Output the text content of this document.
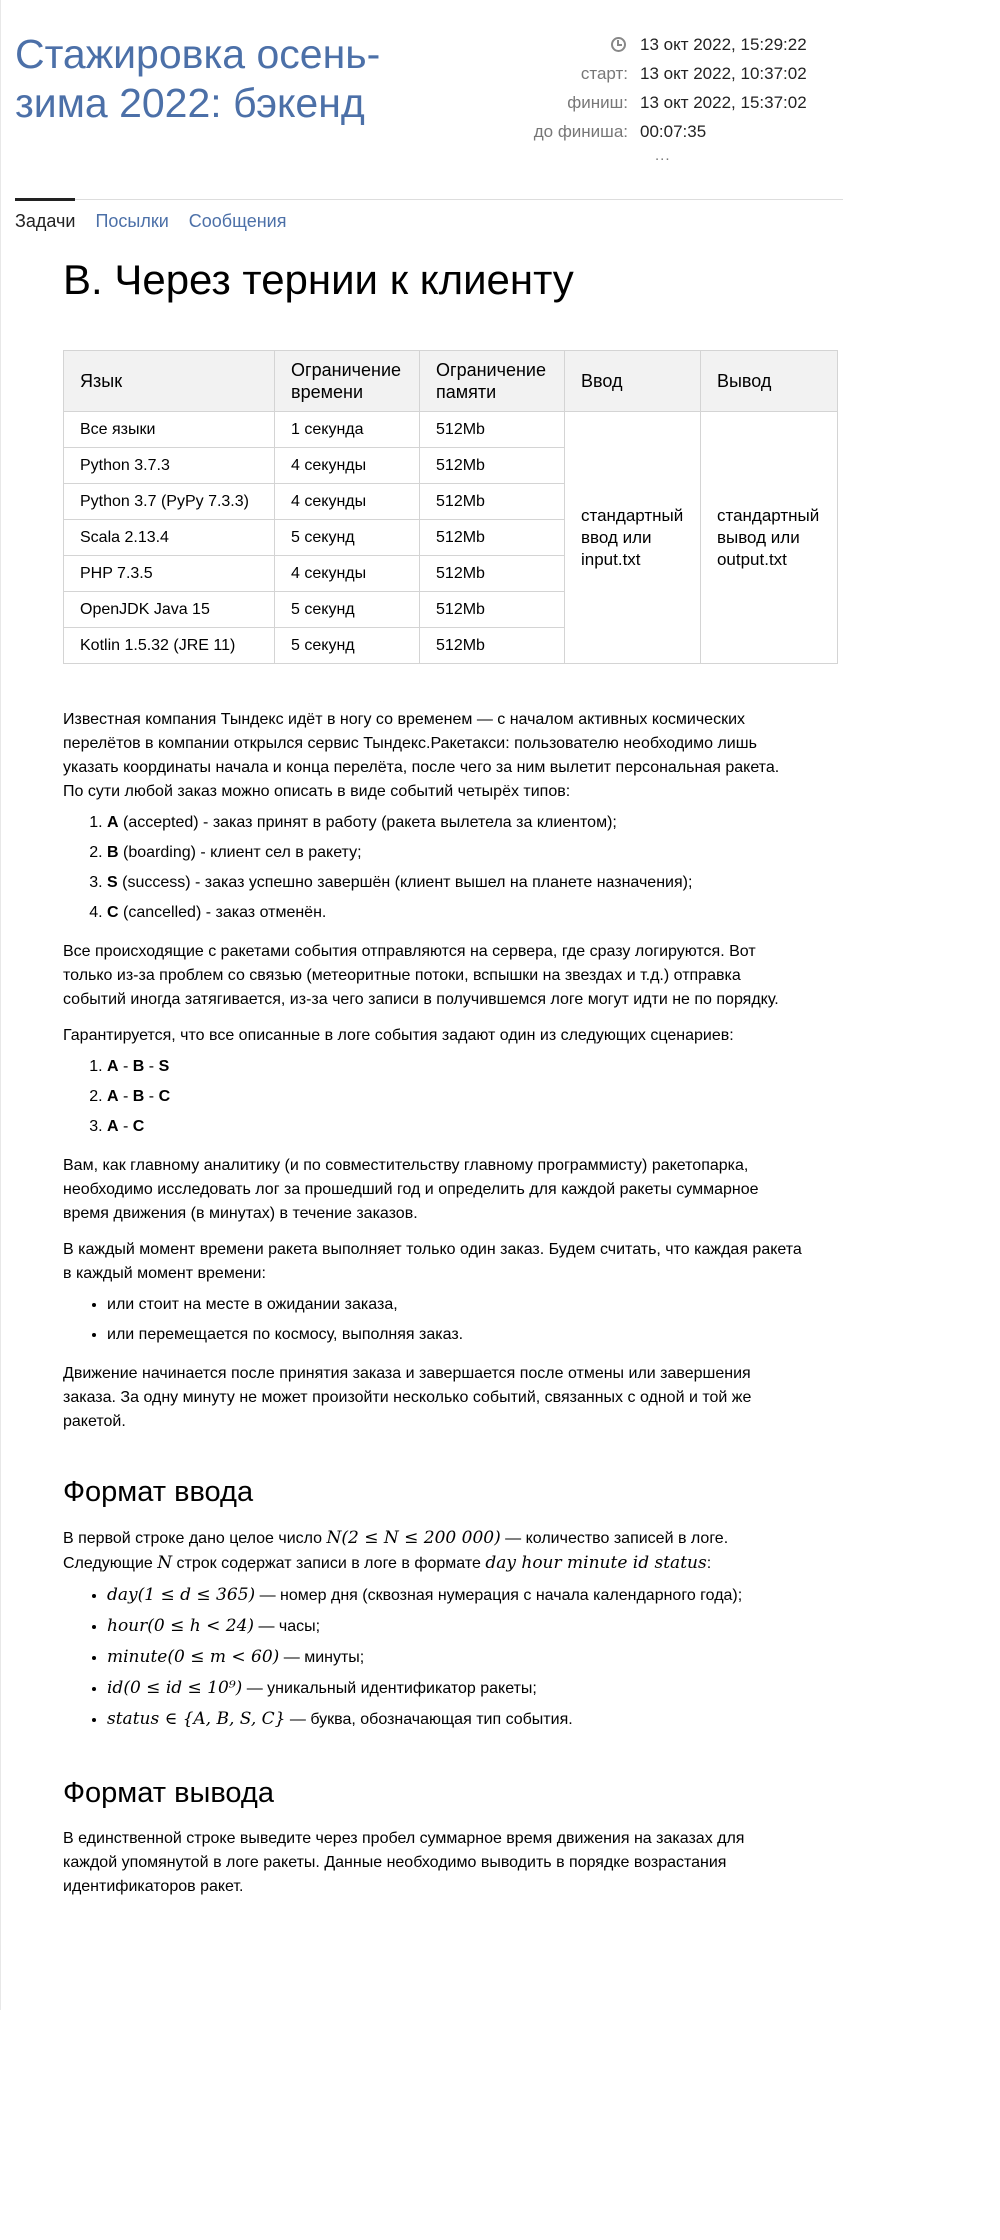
Стажировка осень-зима 2022: бэкенд
13 окт 2022, 15:29:22
старт: 13 окт 2022, 10:37:02
финиш: 13 окт 2022, 15:37:02
до финиша: 00:07:35
...
Задачи Посылки Сообщения
B. Через тернии к клиенту
Язык	Ограничение времени	Ограничение памяти	Ввод	Вывод
Все языки	1 секунда	512Mb	стандартный ввод или input.txt	стандартный вывод или output.txt
Python 3.7.3	4 секунды	512Mb		
Python 3.7 (PyPy 7.3.3)	4 секунды	512Mb		
Scala 2.13.4	5 секунд	512Mb		
PHP 7.3.5	4 секунды	512Mb		
OpenJDK Java 15	5 секунд	512Mb		
Kotlin 1.5.32 (JRE 11)	5 секунд	512Mb		

Известная компания Тындекс идёт в ногу со временем — с началом активных космических перелётов в компании открылся сервис Тындекс.Ракетакси: пользователю необходимо лишь указать координаты начала и конца перелёта, после чего за ним вылетит персональная ракета.

По сути любой заказ можно описать в виде событий четырёх типов:

1. A (accepted) - заказ принят в работу (ракета вылетела за клиентом);
2. B (boarding) - клиент сел в ракету;
3. S (success) - заказ успешно завершён (клиент вышел на планете назначения);
4. C (cancelled) - заказ отменён.

Все происходящие с ракетами события отправляются на сервера, где сразу логируются. Вот только из-за проблем со связью (метеоритные потоки, вспышки на звездах и т.д.) отправка событий иногда затягивается, из-за чего записи в получившемся логе могут идти не по порядку.

Гарантируется, что все описанные в логе события задают один из следующих сценариев:

1. A - B - S
2. A - B - C
3. A - C

Вам, как главному аналитику (и по совместительству главному программисту) ракетопарка, необходимо исследовать лог за прошедший год и определить для каждой ракеты суммарное время движения (в минутах) в течение заказов.

В каждый момент времени ракета выполняет только один заказ. Будем считать, что каждая ракета в каждый момент времени:

• или стоит на месте в ожидании заказа,
• или перемещается по космосу, выполняя заказ.

Движение начинается после принятия заказа и завершается после отмены или завершения заказа. За одну минуту не может произойти несколько событий, связанных с одной и той же ракетой.

Формат ввода

В первой строке дано целое число N(2 ≤ N ≤ 200 000) — количество записей в логе.

Следующие N строк содержат записи в логе в формате day hour minute id status:

• day(1 ≤ d ≤ 365) — номер дня (сквозная нумерация с начала календарного года);
• hour(0 ≤ h < 24) — часы;
• minute(0 ≤ m < 60) — минуты;
• id(0 ≤ id ≤ 10⁹) — уникальный идентификатор ракеты;
• status ∈ {A, B, S, C} — буква, обозначающая тип события.
Формат вывода

В единственной строке выведите через пробел суммарное время движения на заказах для каждой упомянутой в логе ракеты. Данные необходимо выводить в порядке возрастания идентификаторов ракет.
